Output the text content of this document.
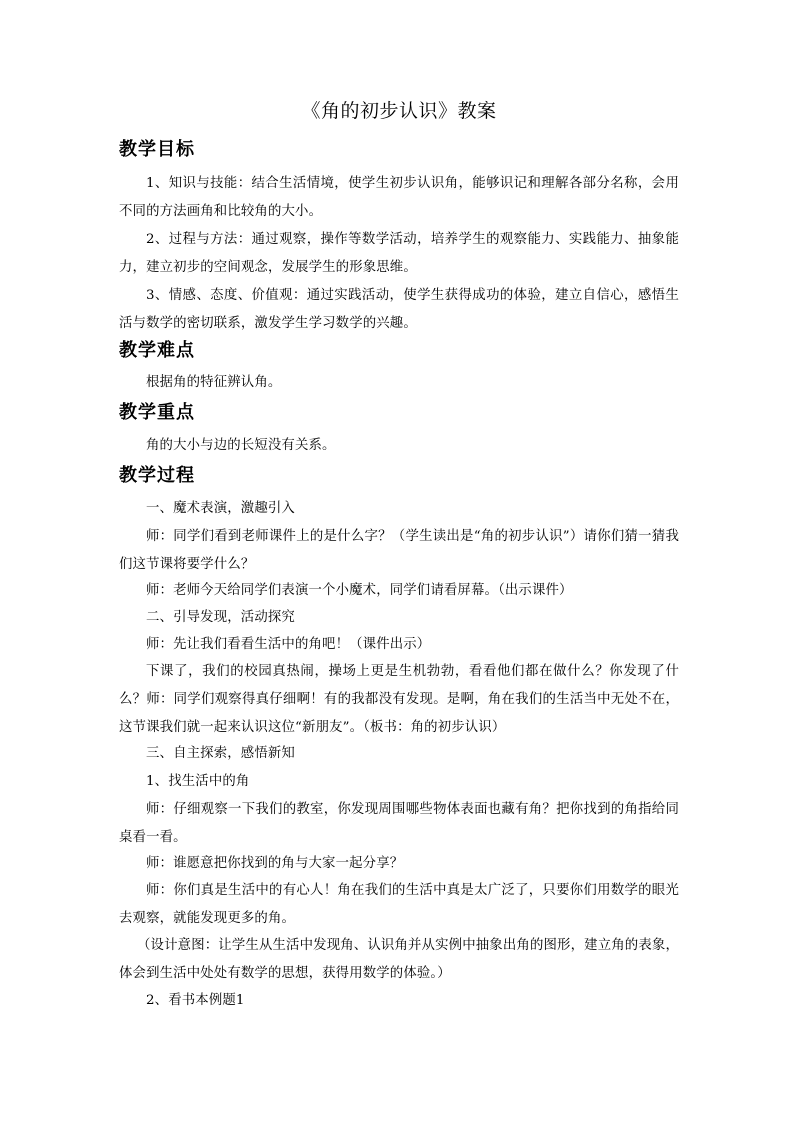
《角的初步认识》教案
教学目标
1、知识与技能：结合生活情境，使学生初步认识角，能够识记和理解各部分名称，会用不同的方法画角和比较角的大小。
2、过程与方法：通过观察，操作等数学活动，培养学生的观察能力、实践能力、抽象能力，建立初步的空间观念，发展学生的形象思维。
3、情感、态度、价值观：通过实践活动，使学生获得成功的体验，建立自信心，感悟生活与数学的密切联系，激发学生学习数学的兴趣。
教学难点
根据角的特征辨认角。
教学重点
角的大小与边的长短没有关系。
教学过程
一、魔术表演，激趣引入
师：同学们看到老师课件上的是什么字？（学生读出是“角的初步认识”）请你们猜一猜我们这节课将要学什么？
师：老师今天给同学们表演一个小魔术，同学们请看屏幕。（出示课件）
二、引导发现，活动探究
师：先让我们看看生活中的角吧！（课件出示）
下课了，我们的校园真热闹，操场上更是生机勃勃，看看他们都在做什么？你发现了什么？师：同学们观察得真仔细啊！有的我都没有发现。是啊，角在我们的生活当中无处不在，这节课我们就一起来认识这位“新朋友”。（板书：角的初步认识）
三、自主探索，感悟新知
1、找生活中的角
师：仔细观察一下我们的教室，你发现周围哪些物体表面也藏有角？把你找到的角指给同桌看一看。
师：谁愿意把你找到的角与大家一起分享？
师：你们真是生活中的有心人！角在我们的生活中真是太广泛了，只要你们用数学的眼光去观察，就能发现更多的角。
（设计意图：让学生从生活中发现角、认识角并从实例中抽象出角的图形，建立角的表象，体会到生活中处处有数学的思想，获得用数学的体验。）
2、看书本例题1
